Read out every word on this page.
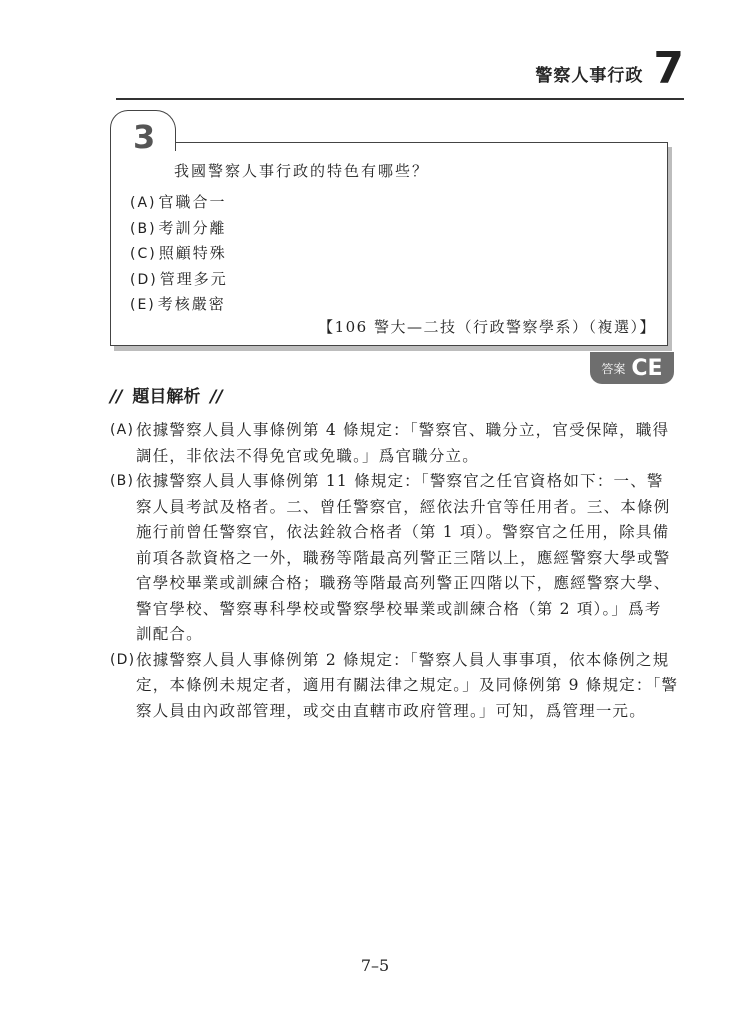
警察人事行政 7
3
我國警察人事行政的特色有哪些？
(A) 官職合一
(B) 考訓分離
(C) 照顧特殊
(D) 管理多元
(E) 考核嚴密
【106 警大—二技（行政警察學系）（複選）】
答案 CE
// 題目解析 //
(A) 依據警察人員人事條例第 4 條規定：「警察官、職分立，官受保障，職得
調任，非依法不得免官或免職。」爲官職分立。
(B) 依據警察人員人事條例第 11 條規定：「警察官之任官資格如下：一、警
察人員考試及格者。二、曾任警察官，經依法升官等任用者。三、本條例
施行前曾任警察官，依法銓敘合格者（第 1 項）。警察官之任用，除具備
前項各款資格之一外，職務等階最高列警正三階以上，應經警察大學或警
官學校畢業或訓練合格；職務等階最高列警正四階以下，應經警察大學、
警官學校、警察專科學校或警察學校畢業或訓練合格（第 2 項）。」爲考
訓配合。
(D) 依據警察人員人事條例第 2 條規定：「警察人員人事事項，依本條例之規
定，本條例未規定者，適用有關法律之規定。」及同條例第 9 條規定：「警
察人員由內政部管理，或交由直轄市政府管理。」可知，爲管理一元。
7–5
